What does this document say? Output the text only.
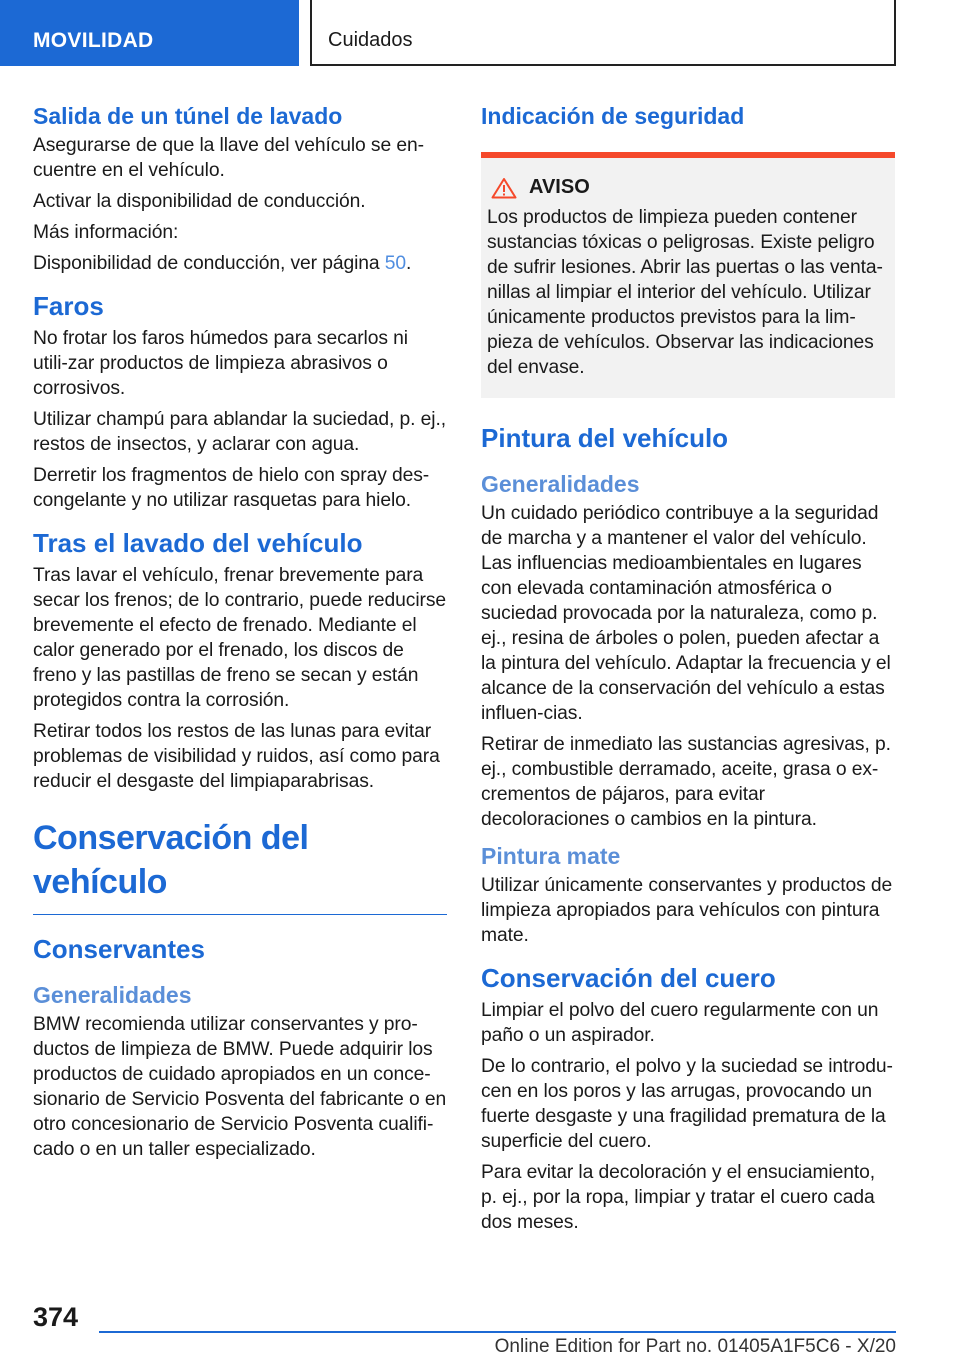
MOVILIDAD	Cuidados
Salida de un túnel de lavado

Asegurarse de que la llave del vehículo se en-cuentre en el vehículo.

Activar la disponibilidad de conducción.

Más información:

Disponibilidad de conducción, ver página 50.

Faros

No frotar los faros húmedos para secarlos ni utili-zar productos de limpieza abrasivos o corrosivos.

Utilizar champú para ablandar la suciedad, p. ej., restos de insectos, y aclarar con agua.

Derretir los fragmentos de hielo con spray des-congelante y no utilizar rasquetas para hielo.

Tras el lavado del vehículo

Tras lavar el vehículo, frenar brevemente para secar los frenos; de lo contrario, puede reducirse brevemente el efecto de frenado. Mediante el calor generado por el frenado, los discos de freno y las pastillas de freno se secan y están protegidos contra la corrosión.

Retirar todos los restos de las lunas para evitar problemas de visibilidad y ruidos, así como para reducir el desgaste del limpiaparabrisas.

Conservación del vehículo
Conservantes
Generalidades

BMW recomienda utilizar conservantes y pro-ductos de limpieza de BMW. Puede adquirir los productos de cuidado apropiados en un conce-sionario de Servicio Posventa del fabricante o en otro concesionario de Servicio Posventa cualifi-cado o en un taller especializado.

Indicación de seguridad
AVISO

Los productos de limpieza pueden contener sustancias tóxicas o peligrosas. Existe peligro de sufrir lesiones. Abrir las puertas o las venta-nillas al limpiar el interior del vehículo. Utilizar únicamente productos previstos para la lim-pieza de vehículos. Observar las indicaciones del envase.

Pintura del vehículo
Generalidades

Un cuidado periódico contribuye a la seguridad de marcha y a mantener el valor del vehículo. Las influencias medioambientales en lugares con elevada contaminación atmosférica o suciedad provocada por la naturaleza, como p. ej., resina de árboles o polen, pueden afectar a la pintura del vehículo. Adaptar la frecuencia y el alcance de la conservación del vehículo a estas influen-cias.

Retirar de inmediato las sustancias agresivas, p. ej., combustible derramado, aceite, grasa o ex-crementos de pájaros, para evitar decoloraciones o cambios en la pintura.

Pintura mate

Utilizar únicamente conservantes y productos de limpieza apropiados para vehículos con pintura mate.

Conservación del cuero

Limpiar el polvo del cuero regularmente con un paño o un aspirador.

De lo contrario, el polvo y la suciedad se introdu-cen en los poros y las arrugas, provocando un fuerte desgaste y una fragilidad prematura de la superficie del cuero.

Para evitar la decoloración y el ensuciamiento, p. ej., por la ropa, limpiar y tratar el cuero cada dos meses.

374
Online Edition for Part no. 01405A1F5C6 - X/20
